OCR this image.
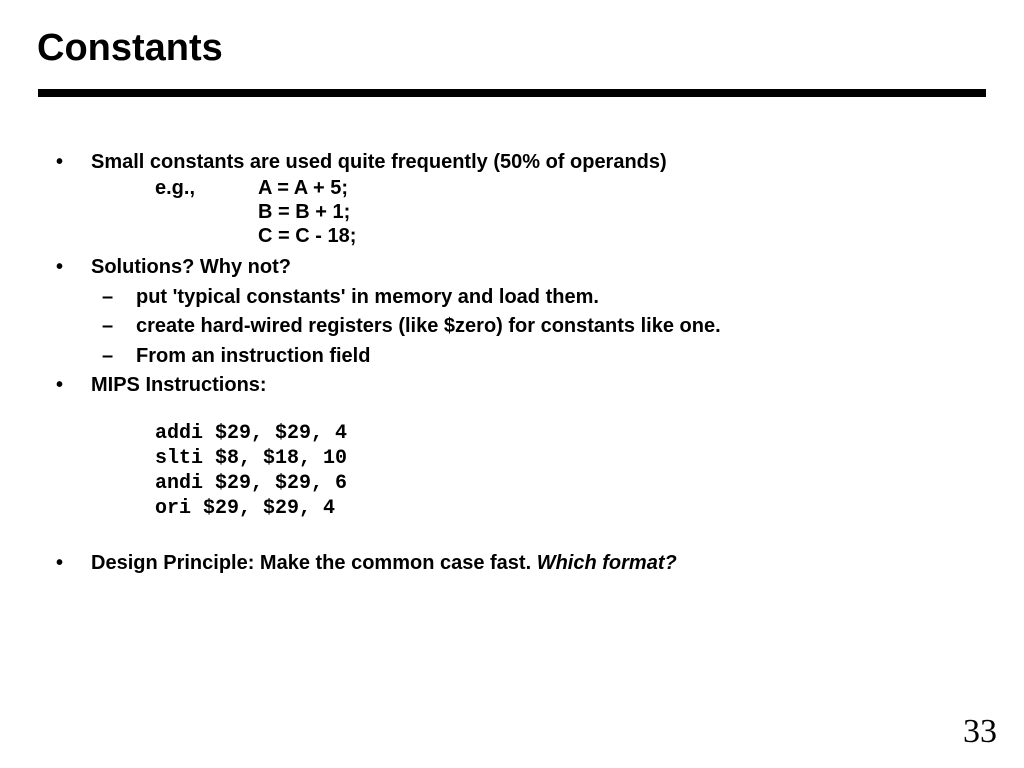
Constants
• Small constants are used quite frequently (50% of operands)
e.g.,	A = A + 5;
B = B + 1;
C = C - 18;
• Solutions? Why not?
– put 'typical constants' in memory and load them.
– create hard-wired registers (like $zero) for constants like one.
– From an instruction field
• MIPS Instructions:
addi $29, $29, 4
slti $8, $18, 10
andi $29, $29, 6
ori $29, $29, 4
• Design Principle: Make the common case fast. Which format?
33
